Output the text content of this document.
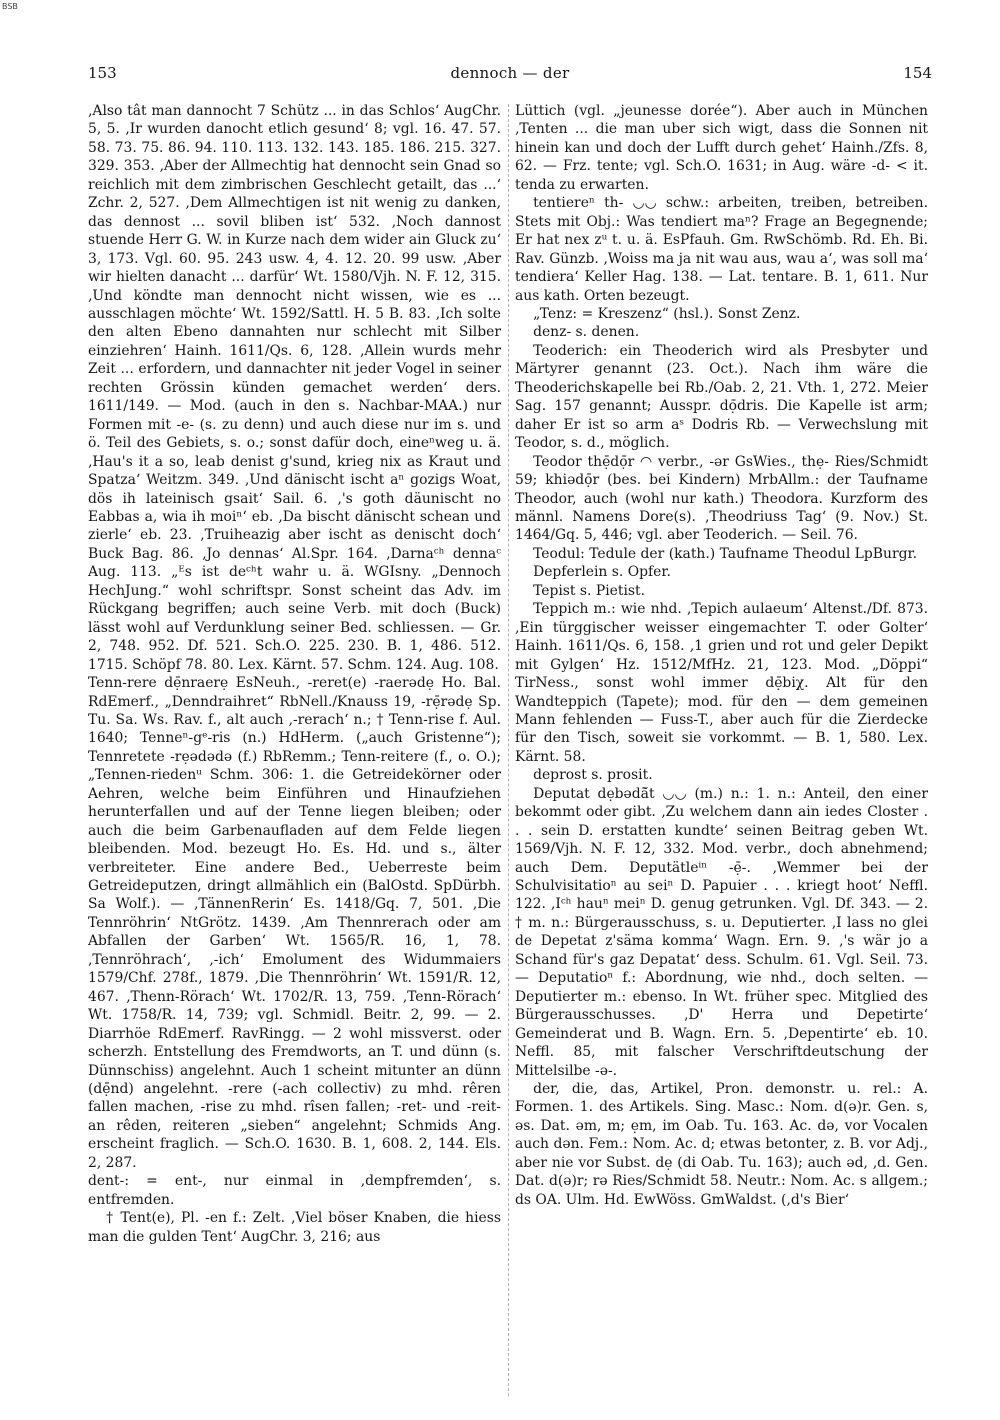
BSB
153	dennoch — der	154

‚Also tât man dannocht 7 Schütz ... in das Schlos‘ AugChr. 5, 5. ‚Ir wurden danocht etlich gesund‘ 8; vgl. 16. 47. 57. 58. 73. 75. 86. 94. 110. 113. 132. 143. 185. 186. 215. 327. 329. 353. ‚Aber der Allmechtig hat dennocht sein Gnad so reichlich mit dem zimbrischen Geschlecht getailt, das ...‘ Zchr. 2, 527. ‚Dem Allmechtigen ist nit wenig zu danken, das dennost ... sovil bliben ist‘ 532. ‚Noch dannost stuende Herr G. W. in Kurze nach dem wider ain Gluck zu‘ 3, 173. Vgl. 60. 95. 243 usw. 4, 4. 12. 20. 99 usw. ‚Aber wir hielten danacht ... darfür‘ Wt. 1580/Vjh. N. F. 12, 315. ‚Und köndte man dennocht nicht wissen, wie es ... ausschlagen möchte‘ Wt. 1592/Sattl. H. 5 B. 83. ‚Ich solte den alten Ebeno dannahten nur schlecht mit Silber einziehren‘ Hainh. 1611/Qs. 6, 128. ‚Allein wurds mehr Zeit ... erfordern, und dannachter nit jeder Vogel in seiner rechten Grössin künden gemachet werden‘ ders. 1611/149. — Mod. (auch in den s. Nachbar-MAA.) nur Formen mit -e- (s. zu denn) und auch diese nur im s. und ö. Teil des Gebiets, s. o.; sonst dafür doch, eineⁿweg u. ä. ‚Hau's it a so, leab denist g'sund, krieg nix as Kraut und Spatza‘ Weitzm. 349. ‚Und dänischt ischt aⁿ gozigs Woat, dös ih lateinisch gsait‘ Sail. 6. ‚'s goth däunischt no Eabbas a, wia ih moiⁿ‘ eb. ‚Da bischt dänischt schean und zierle‘ eb. 23. ‚Truiheazig aber ischt as denischt doch‘ Buck Bag. 86. ‚Jo dennas‘ Al.Spr. 164. ‚Darnaᶜʰ dennaᶜ Aug. 113. „ᴱs ist deᶜʰt wahr u. ä. WGIsny. „Dennoch HechJung.“ wohl schriftspr. Sonst scheint das Adv. im Rückgang begriffen; auch seine Verb. mit doch (Buck) lässt wohl auf Verdunklung seiner Bed. schliessen. — Gr. 2, 748. 952. Df. 521. Sch.O. 225. 230. B. 1, 486. 512. 1715. Schöpf 78. 80. Lex. Kärnt. 57. Schm. 124. Aug. 108.

Tenn-rere dẹ̄nraerẹ EsNeuh., -reret(e) -raerədẹ Ho. Bal. RdEmerf., „Denndraihret“ RbNell./Knauss 19, -rẹ̄rədẹ Sp. Tu. Sa. Ws. Rav. f., alt auch ‚-rerach‘ n.; † Tenn-rise f. Aul. 1640; Tenneⁿ-gᵉ-ris (n.) HdHerm. („auch Gristenne“); Tennretete -rẹədədə (f.) RbRemm.; Tenn-reitere (f., o. O.); „Tennen-riedenᵘ Schm. 306: 1. die Getreidekörner oder Aehren, welche beim Einführen und Hinaufziehen herunterfallen und auf der Tenne liegen bleiben; oder auch die beim Garbenaufladen auf dem Felde liegen bleibenden. Mod. bezeugt Ho. Es. Hd. und s., älter verbreiteter. Eine andere Bed., Ueberreste beim Getreideputzen, dringt allmählich ein (BalOstd. SpDürbh. Sa Wolf.). — ‚TännenRerin‘ Es. 1418/Gq. 7, 501. ‚Die Tennröhrin‘ NtGrötz. 1439. ‚Am Thennrerach oder am Abfallen der Garben‘ Wt. 1565/R. 16, 1, 78. ‚Tennröhrach‘, ‚-ich‘ Emolument des Widummaiers 1579/Chf. 278f., 1879. ‚Die Thennröhrin‘ Wt. 1591/R. 12, 467. ‚Thenn-Rörach‘ Wt. 1702/R. 13, 759. ‚Tenn-Rörach‘ Wt. 1758/R. 14, 739; vgl. Schmidl. Beitr. 2, 99. — 2. Diarrhöe RdEmerf. RavRingg. — 2 wohl missverst. oder scherzh. Entstellung des Fremdworts, an T. und dünn (s. Dünnschiss) angelehnt. Auch 1 scheint mitunter an dünn (dẹ̄nd) angelehnt. -rere (-ach collectiv) zu mhd. rêren fallen machen, -rise zu mhd. rîsen fallen; -ret- und -reit- an rêden, reiteren „sieben“ angelehnt; Schmids Ang. erscheint fraglich. — Sch.O. 1630. B. 1, 608. 2, 144. Els. 2, 287.

dent-: = ent-, nur einmal in ‚dempfremden‘, s. entfremden.

† Tent(e), Pl. -en f.: Zelt. ‚Viel böser Knaben, die hiess man die gulden Tent‘ AugChr. 3, 216; aus

Lüttich (vgl. „jeunesse dorée“). Aber auch in München ‚Tenten ... die man uber sich wigt, dass die Sonnen nit hinein kan und doch der Lufft durch gehet‘ Hainh./Zfs. 8, 62. — Frz. tente; vgl. Sch.O. 1631; in Aug. wäre -d- < it. tenda zu erwarten.

tentiereⁿ th- ◡◡ schw.: arbeiten, treiben, betreiben. Stets mit Obj.: Was tendiert maⁿ? Frage an Begegnende; Er hat nex zᵘ t. u. ä. EsPfauh. Gm. RwSchömb. Rd. Eh. Bi. Rav. Günzb. ‚Woiss ma ja nit wau aus, wau a‘, was soll ma‘ tendiera‘ Keller Hag. 138. — Lat. tentare. B. 1, 611. Nur aus kath. Orten bezeugt.

„Tenz: = Kreszenz“ (hsl.). Sonst Zenz.

denz- s. denen.

Teoderich: ein Theoderich wird als Presbyter und Märtyrer genannt (23. Oct.). Nach ihm wäre die Theoderichskapelle bei Rb./Oab. 2, 21. Vth. 1, 272. Meier Sag. 157 genannt; Ausspr. dọ̄dris. Die Kapelle ist arm; daher Er ist so arm aˢ Dodris Rb. — Verwechslung mit Teodor, s. d., möglich.

Teodor thẹ̄dọ̄r ◠ verbr., -ər GsWies., thẹ- Ries/Schmidt 59; khiədọ̄r (bes. bei Kindern) MrbAllm.: der Taufname Theodor, auch (wohl nur kath.) Theodora. Kurzform des männl. Namens Dore(s). ‚Theodriuss Tag‘ (9. Nov.) St. 1464/Gq. 5, 446; vgl. aber Teoderich. — Seil. 76.

Teodul: Tedule der (kath.) Taufname Theodul LpBurgr.

Depferlein s. Opfer.

Tepist s. Pietist.

Teppich m.: wie nhd. ‚Tepich aulaeum‘ Altenst./Df. 873. ‚Ein türggischer weisser eingemachter T. oder Golter‘ Hainh. 1611/Qs. 6, 158. ‚1 grien und rot und geler Depikt mit Gylgen‘ Hz. 1512/MfHz. 21, 123. Mod. „Döppi“ TirNess., sonst wohl immer dẹ̄biχ. Alt für den Wandteppich (Tapete); mod. für den — dem gemeinen Mann fehlenden — Fuss-T., aber auch für die Zierdecke für den Tisch, soweit sie vorkommt. — B. 1, 580. Lex. Kärnt. 58.

deprost s. prosit.

Deputat dẹbədā̆t ◡◡ (m.) n.: 1. n.: Anteil, den einer bekommt oder gibt. ‚Zu welchem dann ain iedes Closter . . . sein D. erstatten kundte‘ seinen Beitrag geben Wt. 1569/Vjh. N. F. 12, 332. Mod. verbr., doch abnehmend; auch Dem. Deputätleⁱⁿ -ẹ̄-. ‚Wemmer bei der Schulvisitatioⁿ au seiⁿ D. Papuier . . . kriegt hoot‘ Neffl. 122. ‚Iᶜʰ hauⁿ meiⁿ D. genug getrunken. Vgl. Df. 343. — 2. † m. n.: Bürgerausschuss, s. u. Deputierter. ‚I lass no glei de Depetat z'säma komma‘ Wagn. Ern. 9. ‚'s wär jo a Schand für's gaz Depatat‘ dess. Schulm. 61. Vgl. Seil. 73. — Deputatioⁿ f.: Abordnung, wie nhd., doch selten. — Deputierter m.: ebenso. In Wt. früher spec. Mitglied des Bürgerausschusses. ‚D' Herra und Depetirte‘ Gemeinderat und B. Wagn. Ern. 5. ‚Depentirte‘ eb. 10. Neffl. 85, mit falscher Verschriftdeutschung der Mittelsilbe -ə-.

der, die, das, Artikel, Pron. demonstr. u. rel.: A. Formen. 1. des Artikels. Sing. Masc.: Nom. d(ə)r. Gen. s, əs. Dat. əm, m; ẹm, im Oab. Tu. 163. Ac. də, vor Vocalen auch dən. Fem.: Nom. Ac. d; etwas betonter, z. B. vor Adj., aber nie vor Subst. dẹ (di Oab. Tu. 163); auch əd, ‚d. Gen. Dat. d(ə)r; rə Ries/Schmidt 58. Neutr.: Nom. Ac. s allgem.; ds OA. Ulm. Hd. EwWöss. GmWaldst. (‚d's Bier‘
